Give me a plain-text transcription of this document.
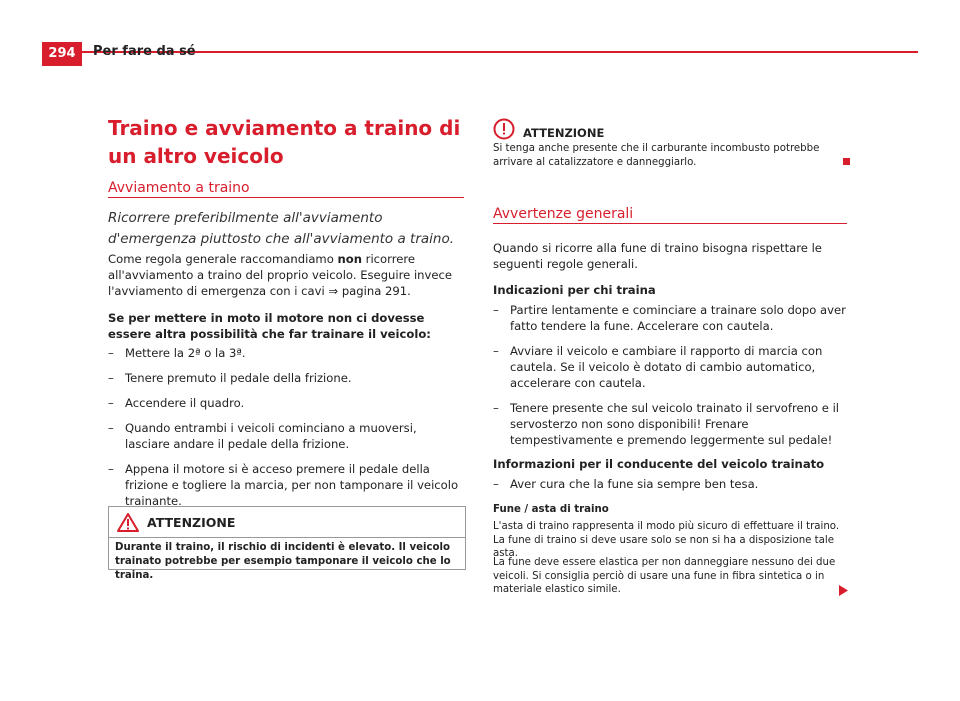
294	Per fare da sé
Traino e avviamento a traino di un altro veicolo
Avviamento a traino
Ricorrere preferibilmente all'avviamento d'emergenza piuttosto che all'avviamento a traino.

Come regola generale raccomandiamo non ricorrere all'avviamento a traino del proprio veicolo. Eseguire invece l'avviamento di emergenza con i cavi ⇒ pagina 291.

Se per mettere in moto il motore non ci dovesse essere altra possibilità che far trainare il veicolo:

– Mettere la 2ª o la 3ª.
– Tenere premuto il pedale della frizione.
– Accendere il quadro.
– Quando entrambi i veicoli cominciano a muoversi, lasciare andare il pedale della frizione.
– Appena il motore si è acceso premere il pedale della frizione e togliere la marcia, per non tamponare il veicolo trainante.
ATTENZIONE
Durante il traino, il rischio di incidenti è elevato. Il veicolo trainato potrebbe per esempio tamponare il veicolo che lo traina.
ATTENZIONE

Si tenga anche presente che il carburante incombusto potrebbe arrivare al catalizzatore e danneggiarlo.

Avvertenze generali

Quando si ricorre alla fune di traino bisogna rispettare le seguenti regole generali.

Indicazioni per chi traina

– Partire lentamente e cominciare a trainare solo dopo aver fatto tendere la fune. Accelerare con cautela.
– Avviare il veicolo e cambiare il rapporto di marcia con cautela. Se il veicolo è dotato di cambio automatico, accelerare con cautela.
– Tenere presente che sul veicolo trainato il servofreno e il servosterzo non sono disponibili! Frenare tempestivamente e premendo leggermente sul pedale!

Informazioni per il conducente del veicolo trainato

– Aver cura che la fune sia sempre ben tesa.

Fune / asta di traino

L'asta di traino rappresenta il modo più sicuro di effettuare il traino. La fune di traino si deve usare solo se non si ha a disposizione tale asta.

La fune deve essere elastica per non danneggiare nessuno dei due veicoli. Si consiglia perciò di usare una fune in fibra sintetica o in materiale elastico simile.
